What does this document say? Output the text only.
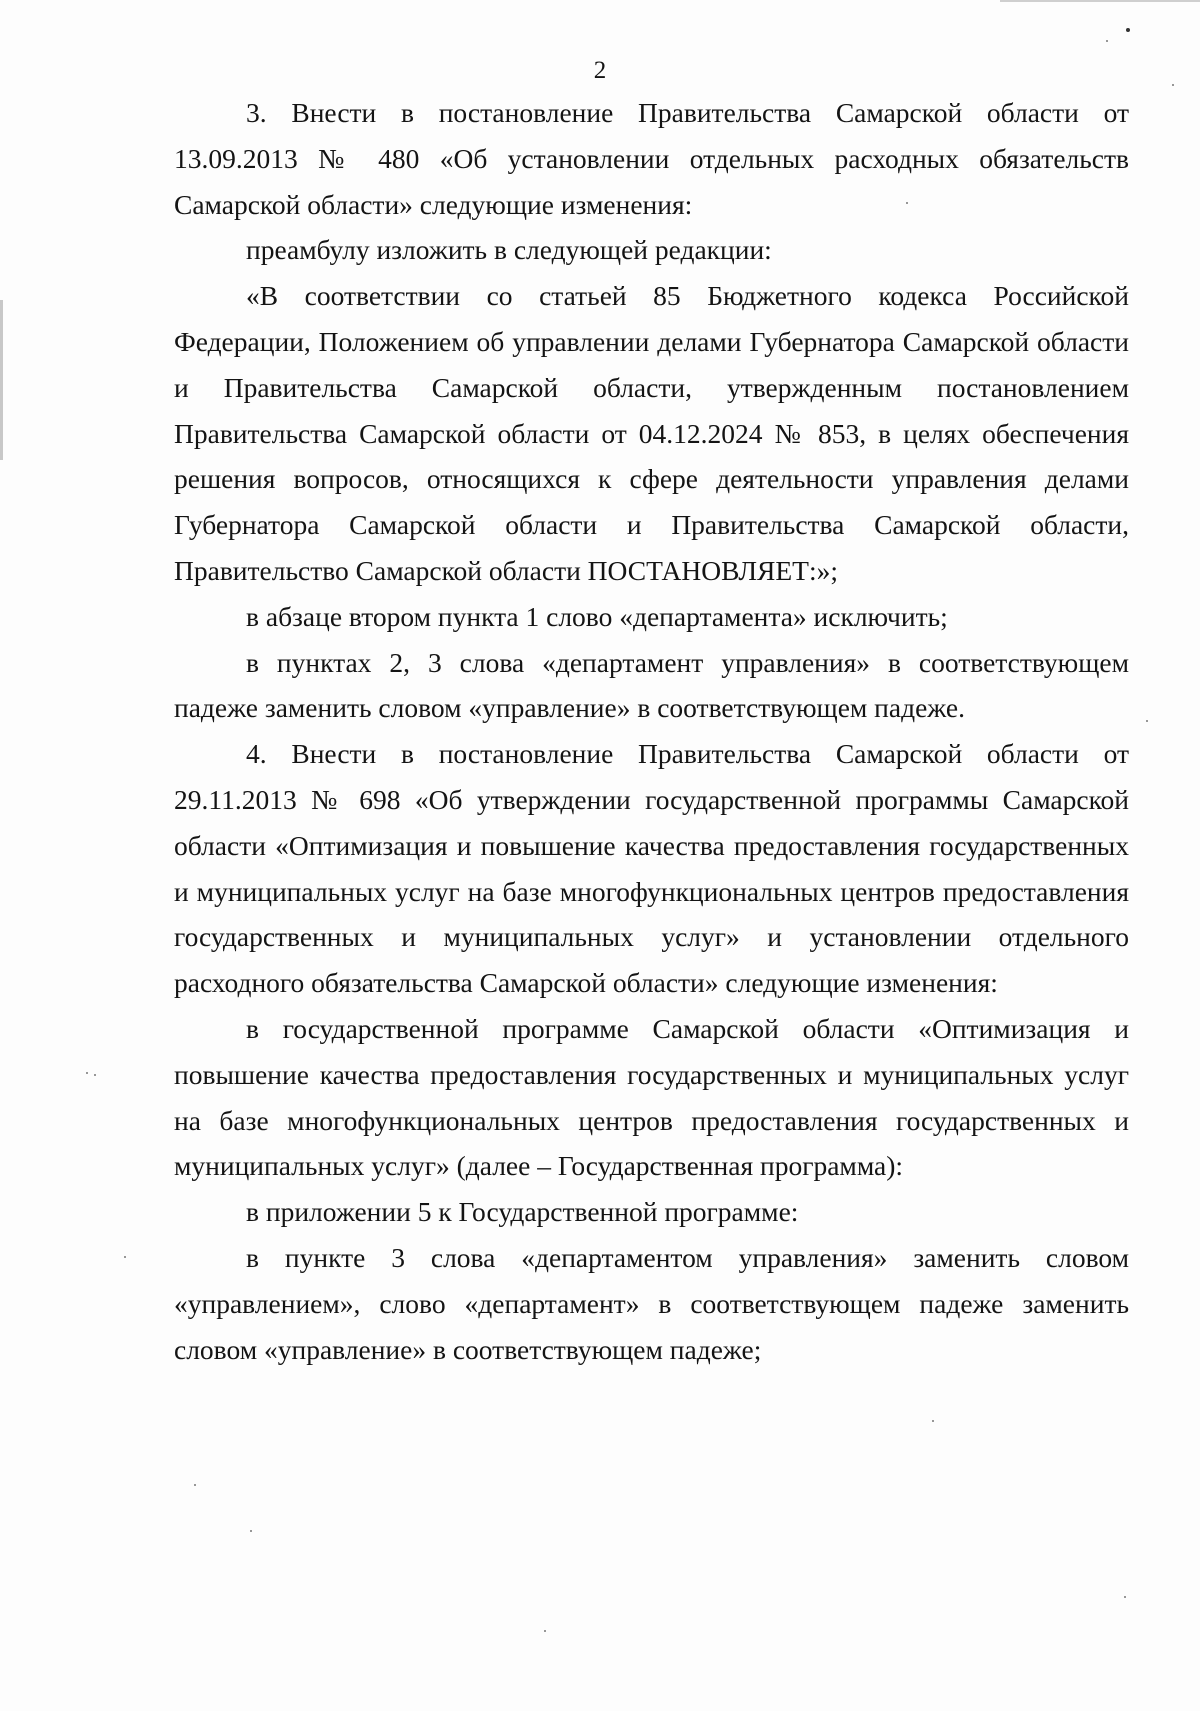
2

3. Внести в постановление Правительства Самарской области от 13.09.2013 № 480 «Об установлении отдельных расходных обязательств Самарской области» следующие изменения:

преамбулу изложить в следующей редакции:

«В соответствии со статьей 85 Бюджетного кодекса Российской Федерации, Положением об управлении делами Губернатора Самарской области и Правительства Самарской области, утвержденным постановлением Правительства Самарской области от 04.12.2024 № 853, в целях обеспечения решения вопросов, относящихся к сфере деятельности управления делами Губернатора Самарской области и Правительства Самарской области, Правительство Самарской области ПОСТАНОВЛЯЕТ:»;

в абзаце втором пункта 1 слово «департамента» исключить;

в пунктах 2, 3 слова «департамент управления» в соответствующем падеже заменить словом «управление» в соответствующем падеже.

4. Внести в постановление Правительства Самарской области от 29.11.2013 № 698 «Об утверждении государственной программы Самарской области «Оптимизация и повышение качества предоставления государственных и муниципальных услуг на базе многофункциональных центров предоставления государственных и муниципальных услуг» и установлении отдельного расходного обязательства Самарской области» следующие изменения:

в государственной программе Самарской области «Оптимизация и повышение качества предоставления государственных и муниципальных услуг на базе многофункциональных центров предоставления государственных и муниципальных услуг» (далее – Государственная программа):

в приложении 5 к Государственной программе:

в пункте 3 слова «департаментом управления» заменить словом «управлением», слово «департамент» в соответствующем падеже заменить словом «управление» в соответствующем падеже;
